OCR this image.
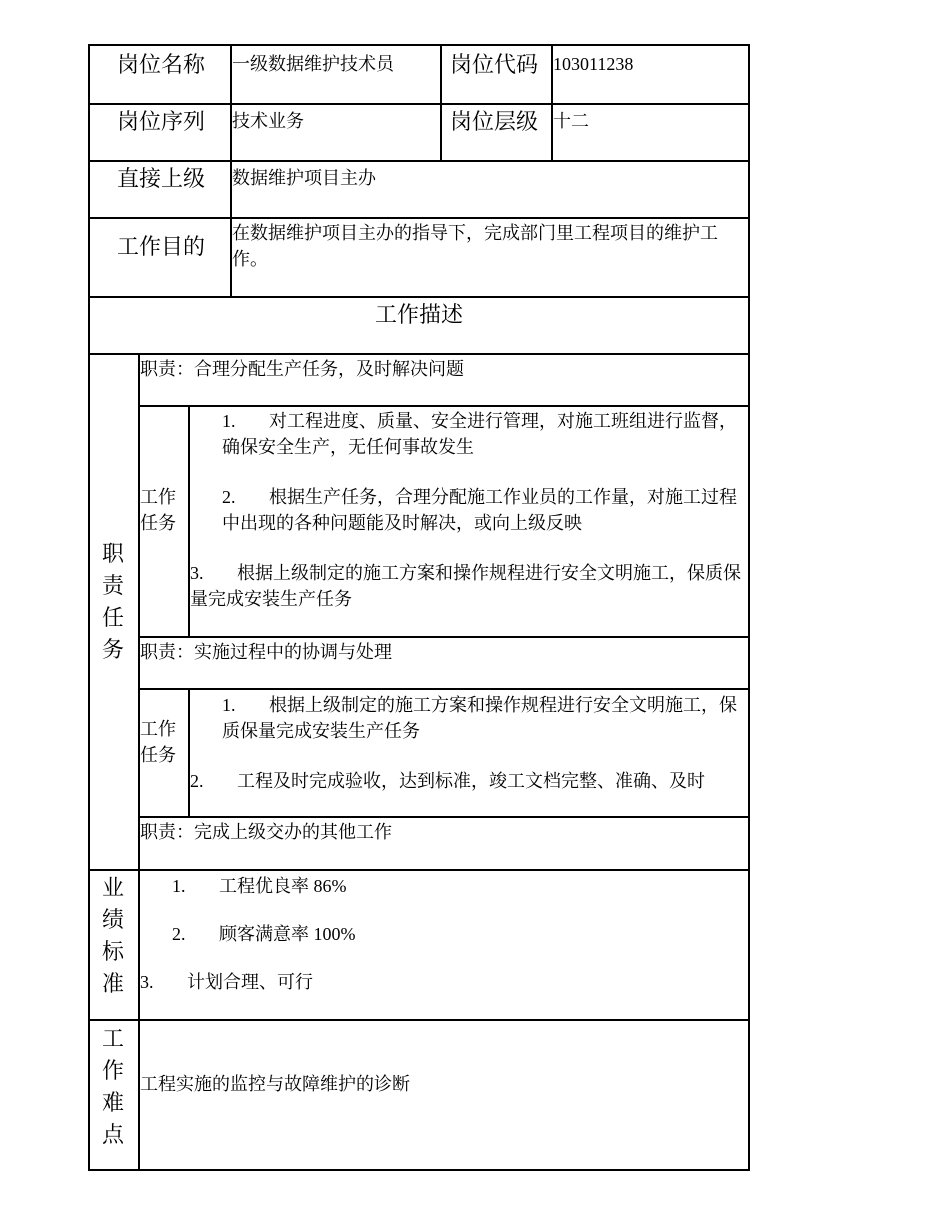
岗位名称 一级数据维护技术员	岗位代码 103011238
岗位序列 技术业务	岗位层级 十二
直接上级 数据维护项目主办
工作目的
在数据维护项目主办的指导下，完成部门里工程项目的维护工作。
工作描述
职
责
任
务
职责：合理分配生产任务，及时解决问题
工作
任务
1. 对工程进度、质量、安全进行管理，对施工班组进行监督，确保安全生产，无任何事故发生
2. 根据生产任务，合理分配施工作业员的工作量，对施工过程中出现的各种问题能及时解决，或向上级反映
3. 根据上级制定的施工方案和操作规程进行安全文明施工，保质保量完成安装生产任务
职责：实施过程中的协调与处理
工作
任务
1. 根据上级制定的施工方案和操作规程进行安全文明施工，保质保量完成安装生产任务
2. 工程及时完成验收，达到标准，竣工文档完整、准确、及时
职责：完成上级交办的其他工作
业
绩
标
准
1. 工程优良率 86%
2. 顾客满意率 100%
3. 计划合理、可行
工
作
难
点
工程实施的监控与故障维护的诊断
